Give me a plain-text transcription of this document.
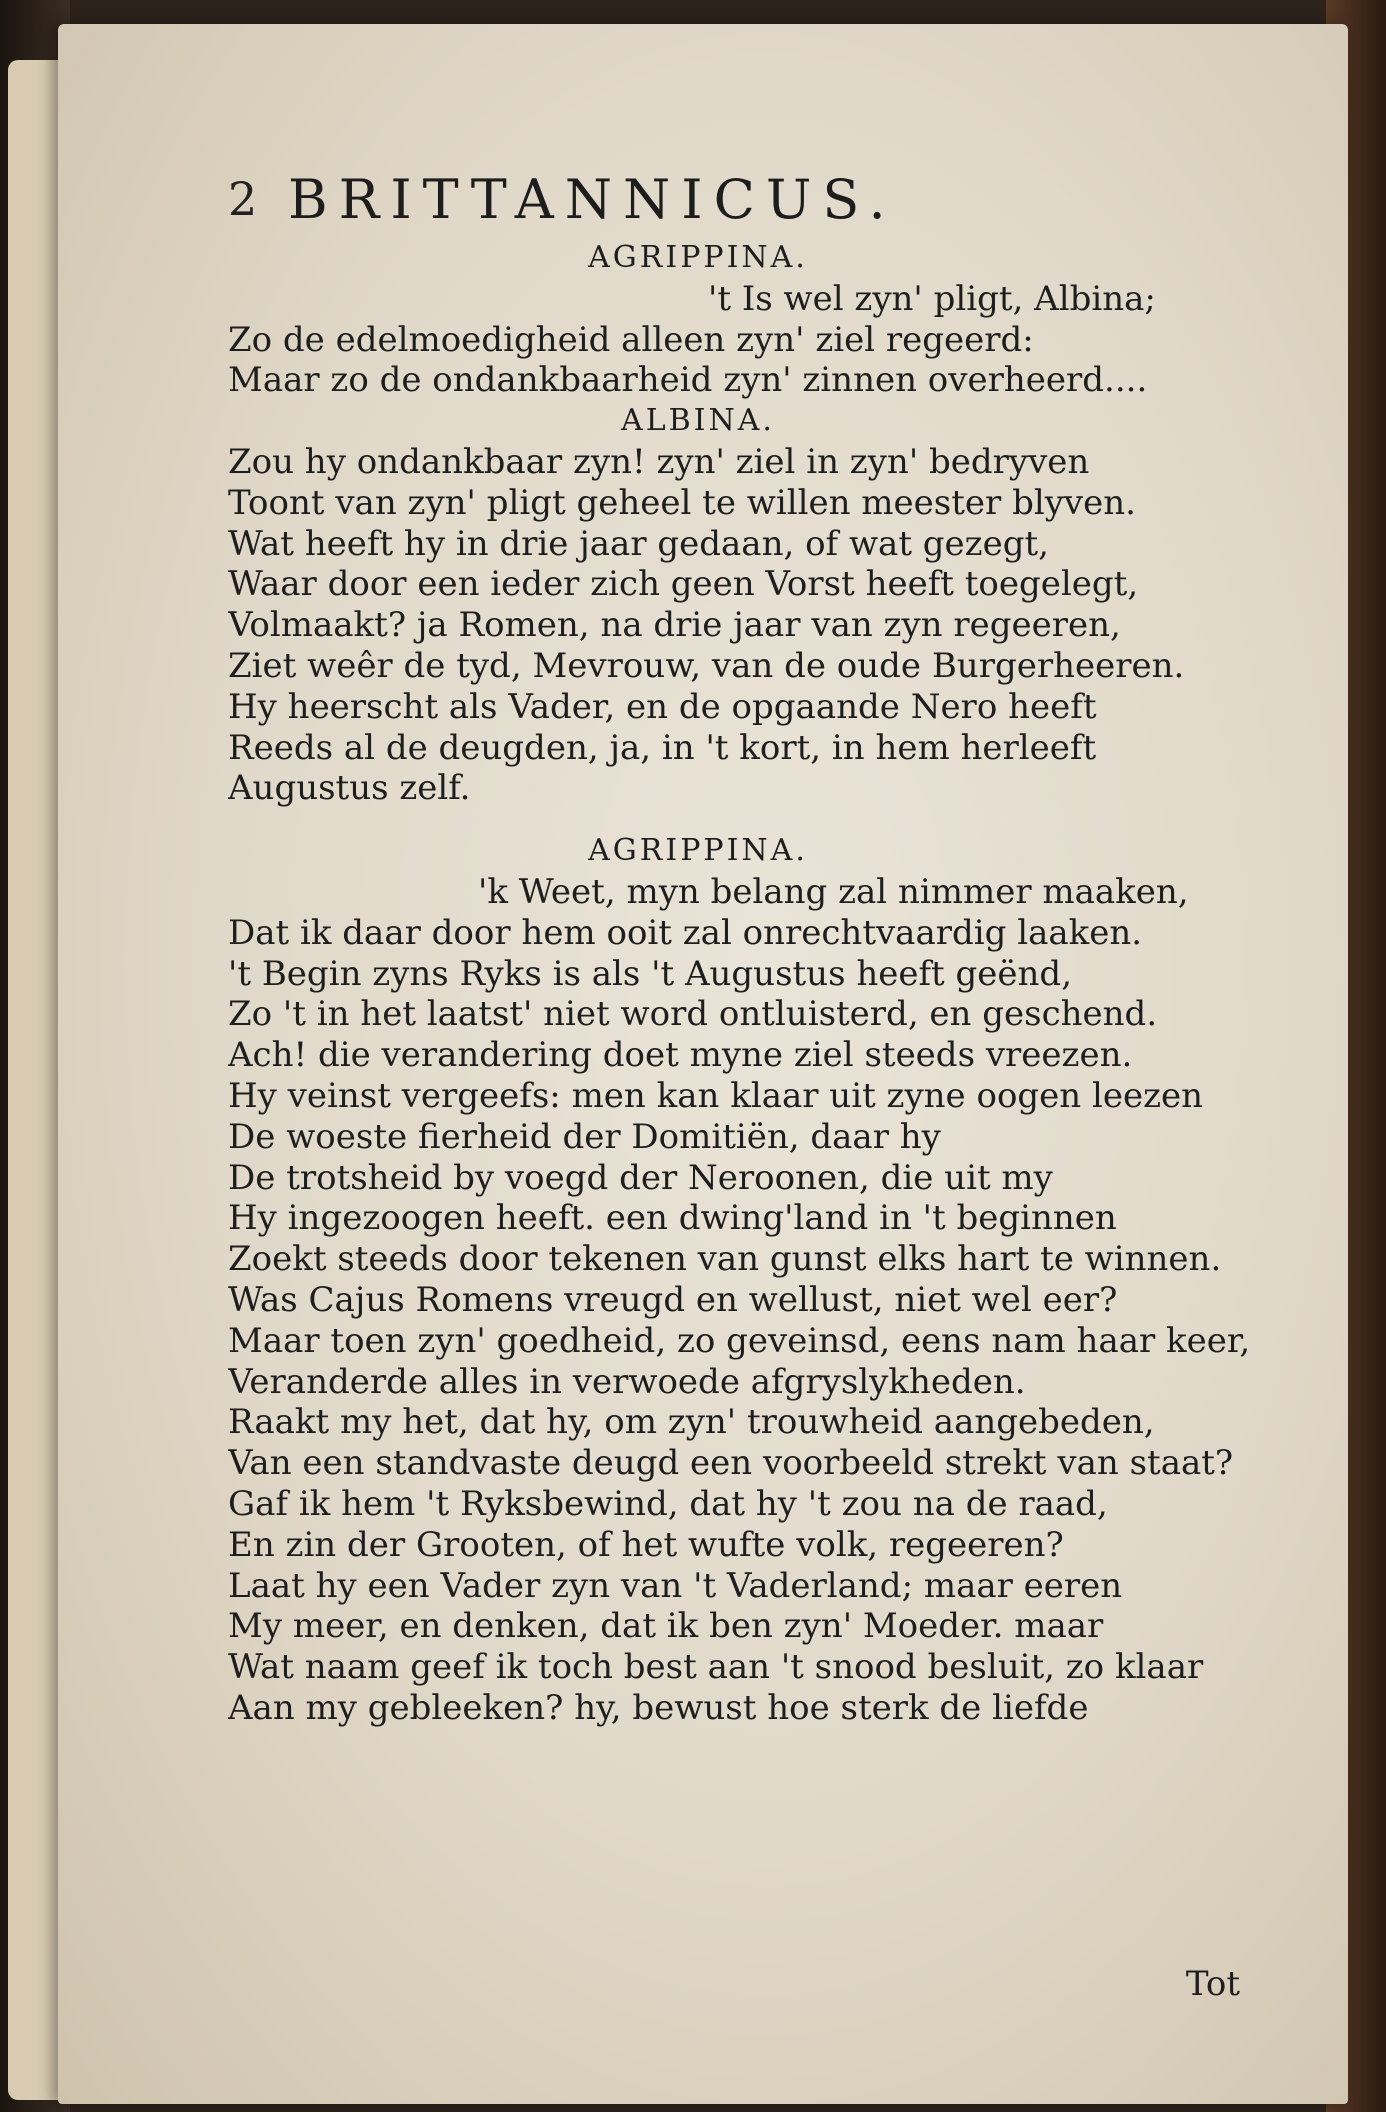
2 BRITTANNICUS.
AGRIPPINA.
't Is wel zyn' pligt, Albina;
Zo de edelmoedigheid alleen zyn' ziel regeerd:
Maar zo de ondankbaarheid zyn' zinnen overheerd....
ALBINA.
Zou hy ondankbaar zyn! zyn' ziel in zyn' bedryven
Toont van zyn' pligt geheel te willen meester blyven.
Wat heeft hy in drie jaar gedaan, of wat gezegt,
Waar door een ieder zich geen Vorst heeft toegelegt,
Volmaakt? ja Romen, na drie jaar van zyn regeeren,
Ziet weêr de tyd, Mevrouw, van de oude Burgerheeren.
Hy heerscht als Vader, en de opgaande Nero heeft
Reeds al de deugden, ja, in 't kort, in hem herleeft
Augustus zelf.
AGRIPPINA.
'k Weet, myn belang zal nimmer maaken,
Dat ik daar door hem ooit zal onrechtvaardig laaken.
't Begin zyns Ryks is als 't Augustus heeft geënd,
Zo 't in het laatst' niet word ontluisterd, en geschend.
Ach! die verandering doet myne ziel steeds vreezen.
Hy veinst vergeefs: men kan klaar uit zyne oogen leezen
De woeste fierheid der Domitiën, daar hy
De trotsheid by voegd der Neroonen, die uit my
Hy ingezoogen heeft. een dwing'land in 't beginnen
Zoekt steeds door tekenen van gunst elks hart te winnen.
Was Cajus Romens vreugd en wellust, niet wel eer?
Maar toen zyn' goedheid, zo geveinsd, eens nam haar keer,
Veranderde alles in verwoede afgryslykheden.
Raakt my het, dat hy, om zyn' trouwheid aangebeden,
Van een standvaste deugd een voorbeeld strekt van staat?
Gaf ik hem 't Ryksbewind, dat hy 't zou na de raad,
En zin der Grooten, of het wufte volk, regeeren?
Laat hy een Vader zyn van 't Vaderland; maar eeren
My meer, en denken, dat ik ben zyn' Moeder. maar
Wat naam geef ik toch best aan 't snood besluit, zo klaar
Aan my gebleeken? hy, bewust hoe sterk de liefde
Tot
